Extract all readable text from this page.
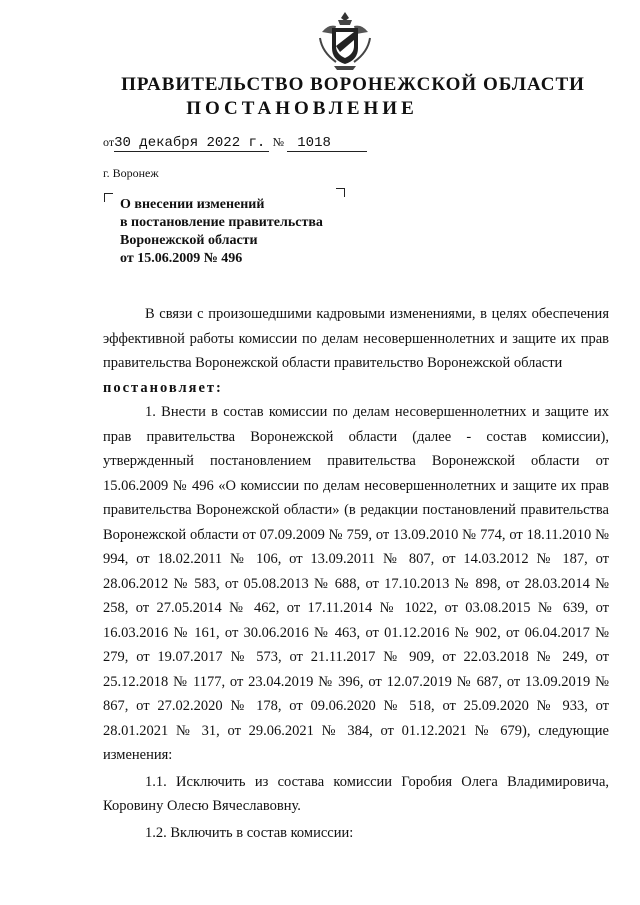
ПРАВИТЕЛЬСТВО ВОРОНЕЖСКОЙ ОБЛАСТИ
ПОСТАНОВЛЕНИЕ
от30 декабря 2022 г. № 1018
г. Воронеж
О внесении изменений
в постановление правительства
Воронежской области
от 15.06.2009 № 496

В связи с произошедшими кадровыми изменениями, в целях обеспечения эффективной работы комиссии по делам несовершеннолетних и защите их прав правительства Воронежской области правительство Воронежской области

постановляет:

1. Внести в состав комиссии по делам несовершеннолетних и защите их прав правительства Воронежской области (далее - состав комиссии), утвержденный постановлением правительства Воронежской области от 15.06.2009 № 496 «О комиссии по делам несовершеннолетних и защите их прав правительства Воронежской области» (в редакции постановлений правительства Воронежской области от 07.09.2009 № 759, от 13.09.2010 № 774, от 18.11.2010 № 994, от 18.02.2011 № 106, от 13.09.2011 № 807, от 14.03.2012 № 187, от 28.06.2012 № 583, от 05.08.2013 № 688, от 17.10.2013 № 898, от 28.03.2014 № 258, от 27.05.2014 № 462, от 17.11.2014 № 1022, от 03.08.2015 № 639, от 16.03.2016 № 161, от 30.06.2016 № 463, от 01.12.2016 № 902, от 06.04.2017 № 279, от 19.07.2017 № 573, от 21.11.2017 № 909, от 22.03.2018 № 249, от 25.12.2018 № 1177, от 23.04.2019 № 396, от 12.07.2019 № 687, от 13.09.2019 № 867, от 27.02.2020 № 178, от 09.06.2020 № 518, от 25.09.2020 № 933, от 28.01.2021 № 31, от 29.06.2021 № 384, от 01.12.2021 № 679), следующие изменения:

1.1. Исключить из состава комиссии Горобия Олега Владимировича, Коровину Олесю Вячеславовну.

1.2. Включить в состав комиссии:
